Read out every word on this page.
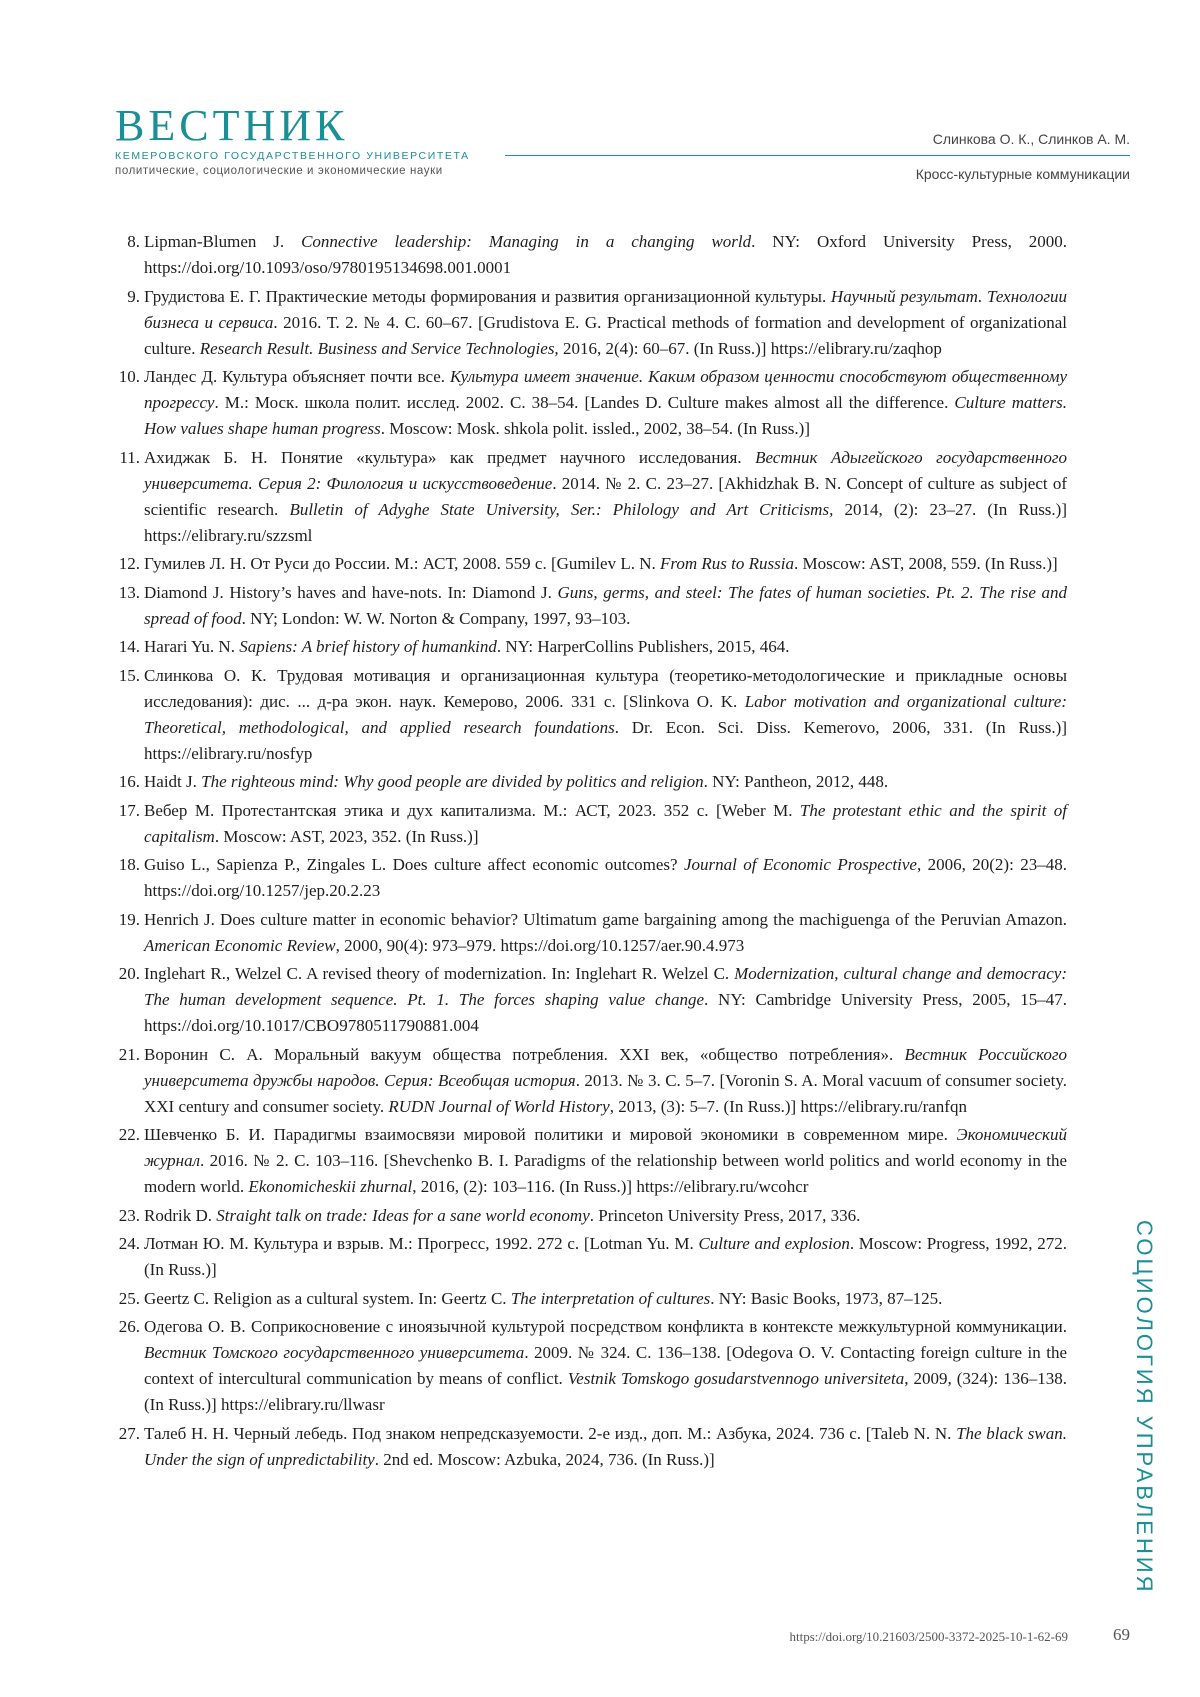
ВЕСТНИК
КЕМЕРОВСКОГО ГОСУДАРСТВЕННОГО УНИВЕРСИТЕТА
политические, социологические и экономические науки
Слинкова О. К., Слинков А. М.
Кросс-культурные коммуникации
8. Lipman-Blumen J. Connective leadership: Managing in a changing world. NY: Oxford University Press, 2000. https://doi.org/10.1093/oso/9780195134698.001.0001
9. Грудистова Е. Г. Практические методы формирования и развития организационной культуры. Научный результат. Технологии бизнеса и сервиса. 2016. Т. 2. № 4. С. 60–67. [Grudistova E. G. Practical methods of formation and development of organizational culture. Research Result. Business and Service Technologies, 2016, 2(4): 60–67. (In Russ.)] https://elibrary.ru/zaqhop
10. Ландес Д. Культура объясняет почти все. Культура имеет значение. Каким образом ценности способствуют общественному прогрессу. М.: Моск. школа полит. исслед. 2002. С. 38–54. [Landes D. Culture makes almost all the difference. Culture matters. How values shape human progress. Moscow: Mosk. shkola polit. issled., 2002, 38–54. (In Russ.)]
11. Ахиджак Б. Н. Понятие «культура» как предмет научного исследования. Вестник Адыгейского государственного университета. Серия 2: Филология и искусствоведение. 2014. № 2. С. 23–27. [Akhidzhak B. N. Concept of culture as subject of scientific research. Bulletin of Adyghe State University, Ser.: Philology and Art Criticisms, 2014, (2): 23–27. (In Russ.)] https://elibrary.ru/szzsml
12. Гумилев Л. Н. От Руси до России. М.: АСТ, 2008. 559 с. [Gumilev L. N. From Rus to Russia. Moscow: AST, 2008, 559. (In Russ.)]
13. Diamond J. History’s haves and have-nots. In: Diamond J. Guns, germs, and steel: The fates of human societies. Pt. 2. The rise and spread of food. NY; London: W. W. Norton & Company, 1997, 93–103.
14. Harari Yu. N. Sapiens: A brief history of humankind. NY: HarperCollins Publishers, 2015, 464.
15. Слинкова О. К. Трудовая мотивация и организационная культура (теоретико-методологические и прикладные основы исследования): дис. ... д-ра экон. наук. Кемерово, 2006. 331 с. [Slinkova O. K. Labor motivation and organizational culture: Theoretical, methodological, and applied research foundations. Dr. Econ. Sci. Diss. Kemerovo, 2006, 331. (In Russ.)] https://elibrary.ru/nosfyp
16. Haidt J. The righteous mind: Why good people are divided by politics and religion. NY: Pantheon, 2012, 448.
17. Вебер М. Протестантская этика и дух капитализма. М.: АСТ, 2023. 352 с. [Weber M. The protestant ethic and the spirit of capitalism. Moscow: AST, 2023, 352. (In Russ.)]
18. Guiso L., Sapienza P., Zingales L. Does culture affect economic outcomes? Journal of Economic Prospective, 2006, 20(2): 23–48. https://doi.org/10.1257/jep.20.2.23
19. Henrich J. Does culture matter in economic behavior? Ultimatum game bargaining among the machiguenga of the Peruvian Amazon. American Economic Review, 2000, 90(4): 973–979. https://doi.org/10.1257/aer.90.4.973
20. Inglehart R., Welzel C. A revised theory of modernization. In: Inglehart R. Welzel C. Modernization, cultural change and democracy: The human development sequence. Pt. 1. The forces shaping value change. NY: Cambridge University Press, 2005, 15–47. https://doi.org/10.1017/CBO9780511790881.004
21. Воронин С. А. Моральный вакуум общества потребления. XXI век, «общество потребления». Вестник Российского университета дружбы народов. Серия: Всеобщая история. 2013. № 3. С. 5–7. [Voronin S. A. Moral vacuum of consumer society. XXI century and consumer society. RUDN Journal of World History, 2013, (3): 5–7. (In Russ.)] https://elibrary.ru/ranfqn
22. Шевченко Б. И. Парадигмы взаимосвязи мировой политики и мировой экономики в современном мире. Экономический журнал. 2016. № 2. С. 103–116. [Shevchenko B. I. Paradigms of the relationship between world politics and world economy in the modern world. Ekonomicheskii zhurnal, 2016, (2): 103–116. (In Russ.)] https://elibrary.ru/wcohcr
23. Rodrik D. Straight talk on trade: Ideas for a sane world economy. Princeton University Press, 2017, 336.
24. Лотман Ю. М. Культура и взрыв. М.: Прогресс, 1992. 272 с. [Lotman Yu. M. Culture and explosion. Moscow: Progress, 1992, 272. (In Russ.)]
25. Geertz C. Religion as a cultural system. In: Geertz C. The interpretation of cultures. NY: Basic Books, 1973, 87–125.
26. Одегова О. В. Соприкосновение с иноязычной культурой посредством конфликта в контексте межкультурной коммуникации. Вестник Томского государственного университета. 2009. № 324. С. 136–138. [Odegova O. V. Contacting foreign culture in the context of intercultural communication by means of conflict. Vestnik Tomskogo gosudarstvennogo universiteta, 2009, (324): 136–138. (In Russ.)] https://elibrary.ru/llwasr
27. Талеб Н. Н. Черный лебедь. Под знаком непредсказуемости. 2-е изд., доп. М.: Азбука, 2024. 736 с. [Taleb N. N. The black swan. Under the sign of unpredictability. 2nd ed. Moscow: Azbuka, 2024, 736. (In Russ.)]	СОЦИОЛОГИЯ УПРАВЛЕНИЯ
https://doi.org/10.21603/2500-3372-2025-10-1-62-69	69
